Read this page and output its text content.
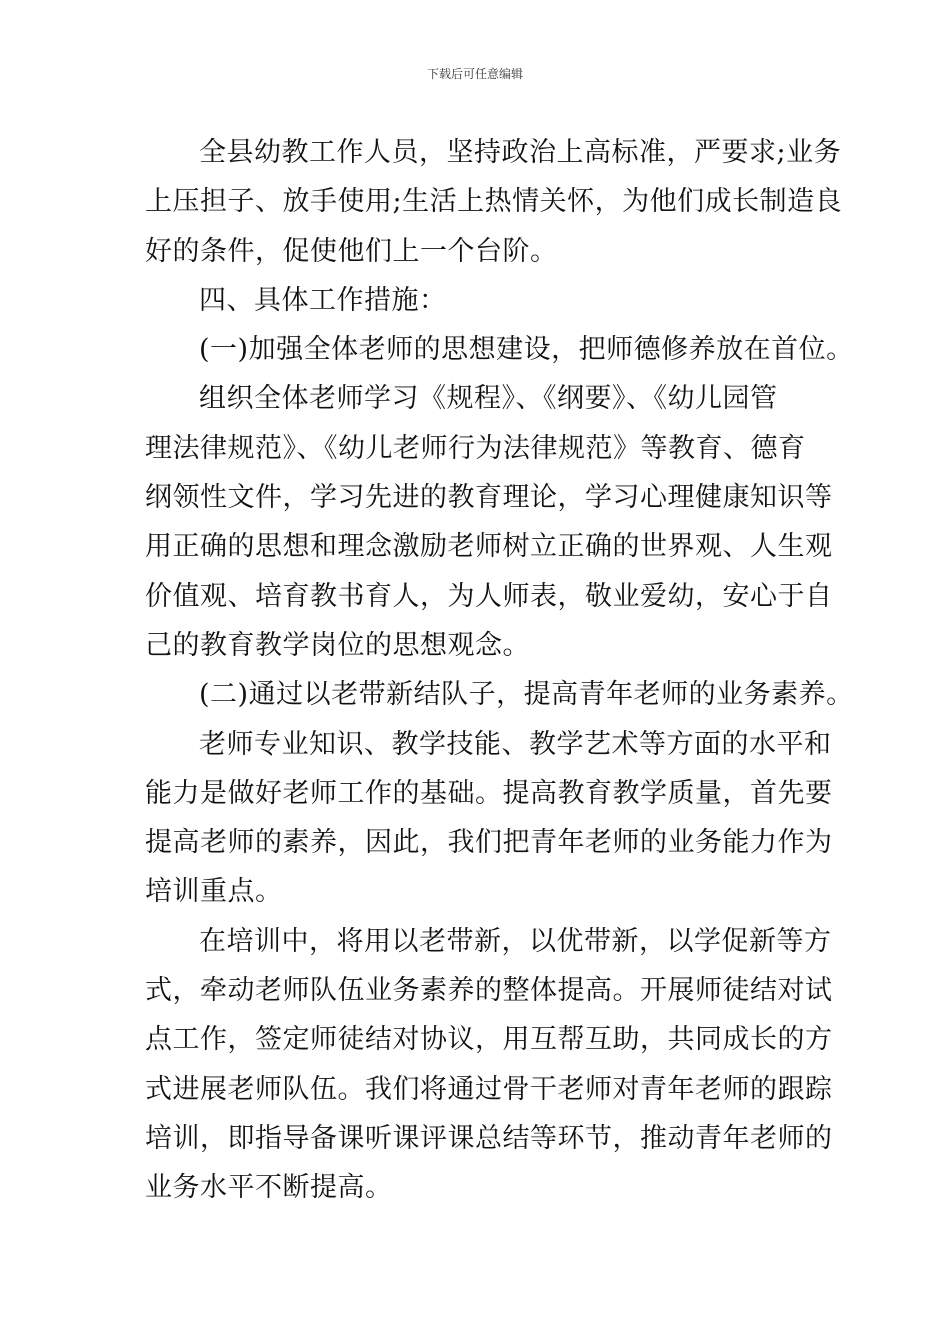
下载后可任意编辑
全县幼教工作人员，坚持政治上高标准，严要求;业务
上压担子、放手使用;生活上热情关怀，为他们成长制造良
好的条件，促使他们上一个台阶。
四、具体工作措施：
(一)加强全体老师的思想建设，把师德修养放在首位。
组织全体老师学习《规程》、《纲要》、《幼儿园管
理法律规范》、《幼儿老师行为法律规范》等教育、德育
纲领性文件，学习先进的教育理论，学习心理健康知识等
用正确的思想和理念激励老师树立正确的世界观、人生观
价值观、培育教书育人，为人师表，敬业爱幼，安心于自
己的教育教学岗位的思想观念。
(二)通过以老带新结队子，提高青年老师的业务素养。
老师专业知识、教学技能、教学艺术等方面的水平和
能力是做好老师工作的基础。提高教育教学质量，首先要
提高老师的素养，因此，我们把青年老师的业务能力作为
培训重点。
在培训中，将用以老带新，以优带新，以学促新等方
式，牵动老师队伍业务素养的整体提高。开展师徒结对试
点工作，签定师徒结对协议，用互帮互助，共同成长的方
式进展老师队伍。我们将通过骨干老师对青年老师的跟踪
培训，即指导备课听课评课总结等环节，推动青年老师的
业务水平不断提高。
